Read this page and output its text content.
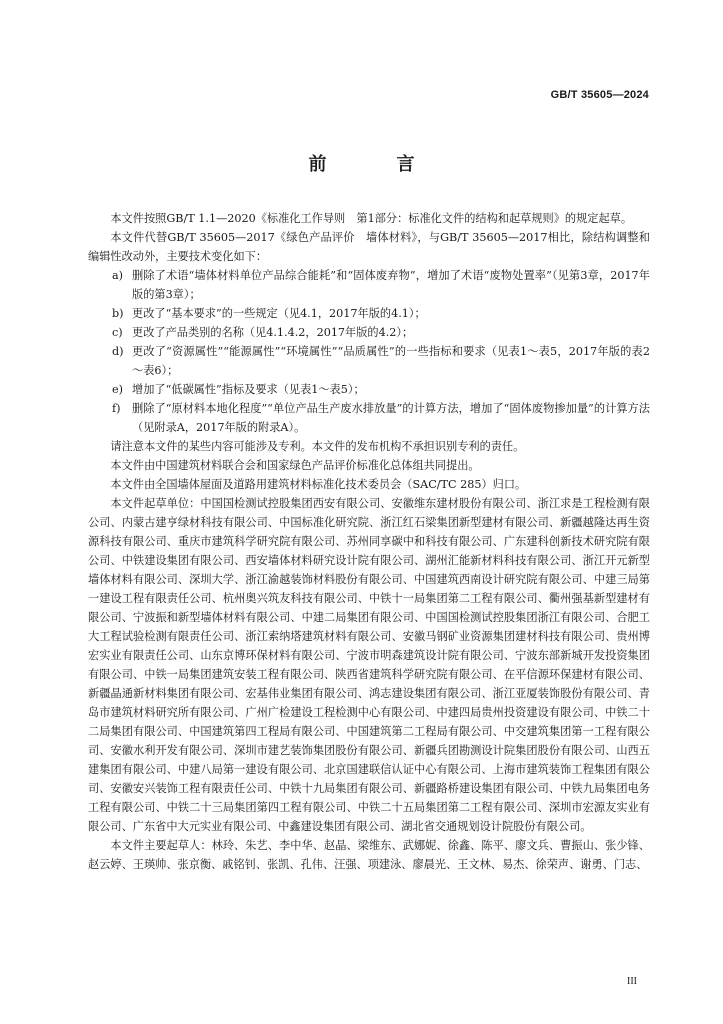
GB/T 35605—2024
前　言

本文件按照GB/T 1.1—2020《标准化工作导则　第1部分：标准化文件的结构和起草规则》的规定起草。

本文件代替GB/T 35605—2017《绿色产品评价　墙体材料》，与GB/T 35605—2017相比，除结构调整和编辑性改动外，主要技术变化如下：

a) 删除了术语“墙体材料单位产品综合能耗”和“固体废弃物”，增加了术语“废物处置率”（见第3章，2017年版的第3章）；
b) 更改了“基本要求”的一些规定（见4.1，2017年版的4.1）；
c) 更改了产品类别的名称（见4.1.4.2，2017年版的4.2）；
d) 更改了“资源属性”“能源属性”“环境属性”“品质属性”的一些指标和要求（见表1～表5，2017年版的表2～表6）；
e) 增加了“低碳属性”指标及要求（见表1～表5）；
f) 删除了“原材料本地化程度”“单位产品生产废水排放量”的计算方法，增加了“固体废物掺加量”的计算方法（见附录A，2017年版的附录A）。

请注意本文件的某些内容可能涉及专利。本文件的发布机构不承担识别专利的责任。

本文件由中国建筑材料联合会和国家绿色产品评价标准化总体组共同提出。

本文件由全国墙体屋面及道路用建筑材料标准化技术委员会（SAC/TC 285）归口。

本文件起草单位：中国国检测试控股集团西安有限公司、安徽维东建材股份有限公司、浙江求是工程检测有限公司、内蒙古建亨绿材科技有限公司、中国标准化研究院、浙江红石梁集团新型建材有限公司、新疆越隆达再生资源科技有限公司、重庆市建筑科学研究院有限公司、苏州同享碳中和科技有限公司、广东建科创新技术研究院有限公司、中铁建设集团有限公司、西安墙体材料研究设计院有限公司、湖州汇能新材料科技有限公司、浙江开元新型墙体材料有限公司、深圳大学、浙江渝越装饰材料股份有限公司、中国建筑西南设计研究院有限公司、中建三局第一建设工程有限责任公司、杭州奥兴筑友科技有限公司、中铁十一局集团第二工程有限公司、衢州强基新型建材有限公司、宁波振和新型墙体材料有限公司、中建二局集团有限公司、中国国检测试控股集团浙江有限公司、合肥工大工程试验检测有限责任公司、浙江索纳塔建筑材料有限公司、安徽马钢矿业资源集团建材科技有限公司、贵州博宏实业有限责任公司、山东京博环保材料有限公司、宁波市明森建筑设计院有限公司、宁波东部新城开发投资集团有限公司、中铁一局集团建筑安装工程有限公司、陕西省建筑科学研究院有限公司、在平信源环保建材有限公司、新疆晶通新材料集团有限公司、宏基伟业集团有限公司、鸿志建设集团有限公司、浙江亚厦装饰股份有限公司、青岛市建筑材料研究所有限公司、广州广检建设工程检测中心有限公司、中建四局贵州投资建设有限公司、中铁二十二局集团有限公司、中国建筑第四工程局有限公司、中国建筑第二工程局有限公司、中交建筑集团第一工程有限公司、安徽水利开发有限公司、深圳市建艺装饰集团股份有限公司、新疆兵团勘测设计院集团股份有限公司、山西五建集团有限公司、中建八局第一建设有限公司、北京国建联信认证中心有限公司、上海市建筑装饰工程集团有限公司、安徽安兴装饰工程有限责任公司、中铁十九局集团有限公司、新疆路桥建设集团有限公司、中铁九局集团电务工程有限公司、中铁二十三局集团第四工程有限公司、中铁二十五局集团第二工程有限公司、深圳市宏源友实业有限公司、广东省中大元实业有限公司、中鑫建设集团有限公司、湖北省交通规划设计院股份有限公司。

本文件主要起草人：林玲、朱艺、李中华、赵晶、梁维东、武娜妮、徐鑫、陈平、廖文兵、曹振山、张少锋、赵云婷、王瑛帅、张京衡、戚铭钊、张凯、孔伟、汪强、项建泳、廖晨光、王文林、易杰、徐荣声、谢勇、门志、

III
